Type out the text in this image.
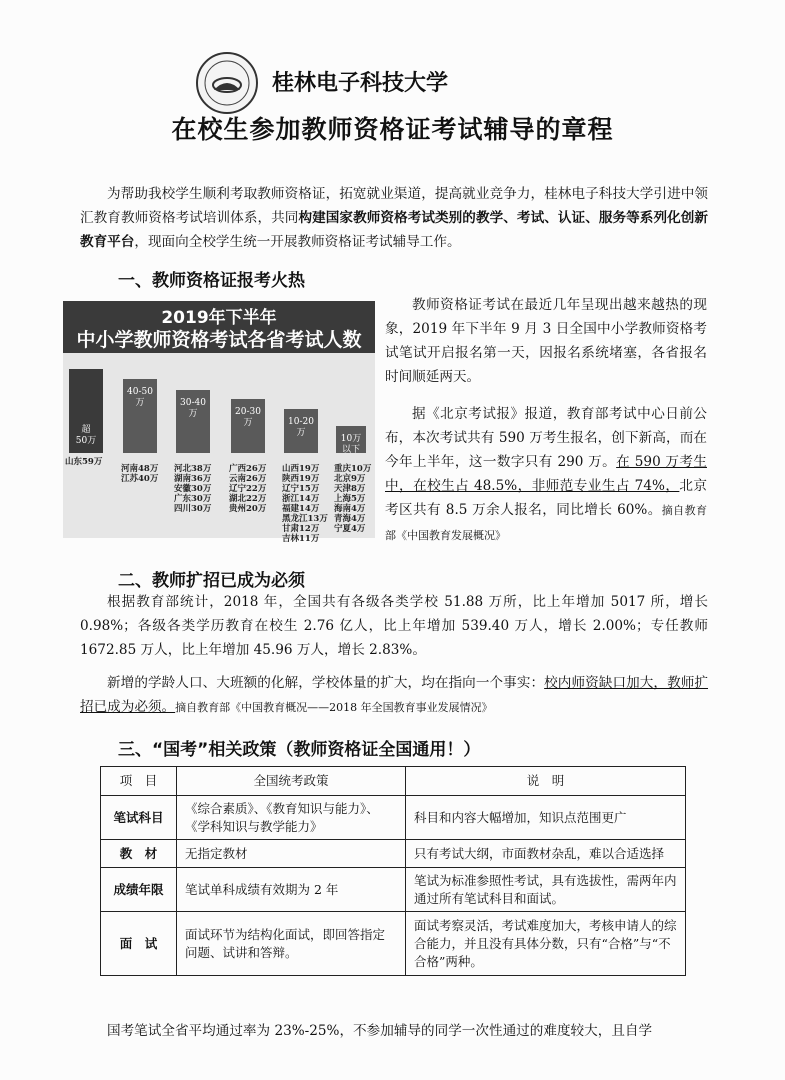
桂林电子科技大学
在校生参加教师资格证考试辅导的章程

为帮助我校学生顺利考取教师资格证，拓宽就业渠道，提高就业竞争力，桂林电子科技大学引进中领汇教育教师资格考试培训体系，共同构建国家教师资格考试类别的教学、考试、认证、服务等系列化创新教育平台，现面向全校学生统一开展教师资格证考试辅导工作。

一、教师资格证报考火热
2019年下半年
中小学教师资格考试各省考试人数
超
50万
山东59万
40-50
万
河南48万
江苏40万
30-40
万
河北38万
湖南36万
安徽30万
广东30万
四川30万
20-30
万
广西26万
云南26万
辽宁22万
湖北22万
贵州20万
10-20
万
山西19万
陕西19万
辽宁15万
浙江14万
福建14万
黑龙江13万
甘肃12万
吉林11万
10万
以下
重庆10万
北京9万
天津8万
上海5万
海南4万
青海4万
宁夏4万

教师资格证考试在最近几年呈现出越来越热的现象，2019 年下半年 9 月 3 日全国中小学教师资格考试笔试开启报名第一天，因报名系统堵塞，各省报名时间顺延两天。

据《北京考试报》报道，教育部考试中心日前公布，本次考试共有 590 万考生报名，创下新高，而在今年上半年，这一数字只有 290 万。在 590 万考生中，在校生占 48.5%，非师范专业生占 74%，北京考区共有 8.5 万余人报名，同比增长 60%。摘自教育部《中国教育发展概况》

二、教师扩招已成为必须

根据教育部统计，2018 年，全国共有各级各类学校 51.88 万所，比上年增加 5017 所，增长 0.98%；各级各类学历教育在校生 2.76 亿人，比上年增加 539.40 万人，增长 2.00%；专任教师 1672.85 万人，比上年增加 45.96 万人，增长 2.83%。

新增的学龄人口、大班额的化解，学校体量的扩大，均在指向一个事实：校内师资缺口加大，教师扩招已成为必须。摘自教育部《中国教育概况——2018 年全国教育事业发展情况》

三、“国考”相关政策（教师资格证全国通用！）
项　目	全国统考政策	说　明
笔试科目	《综合素质》、《教育知识与能力》、《学科知识与教学能力》	科目和内容大幅增加，知识点范围更广
教　材	无指定教材	只有考试大纲，市面教材杂乱，难以合适选择
成绩年限	笔试单科成绩有效期为 2 年	笔试为标准参照性考试，具有选拔性，需两年内通过所有笔试科目和面试。
面　试	面试环节为结构化面试，即回答指定问题、试讲和答辩。	面试考察灵活，考试难度加大，考核申请人的综合能力，并且没有具体分数，只有“合格”与“不合格”两种。

国考笔试全省平均通过率为 23%-25%，不参加辅导的同学一次性通过的难度较大，且自学
